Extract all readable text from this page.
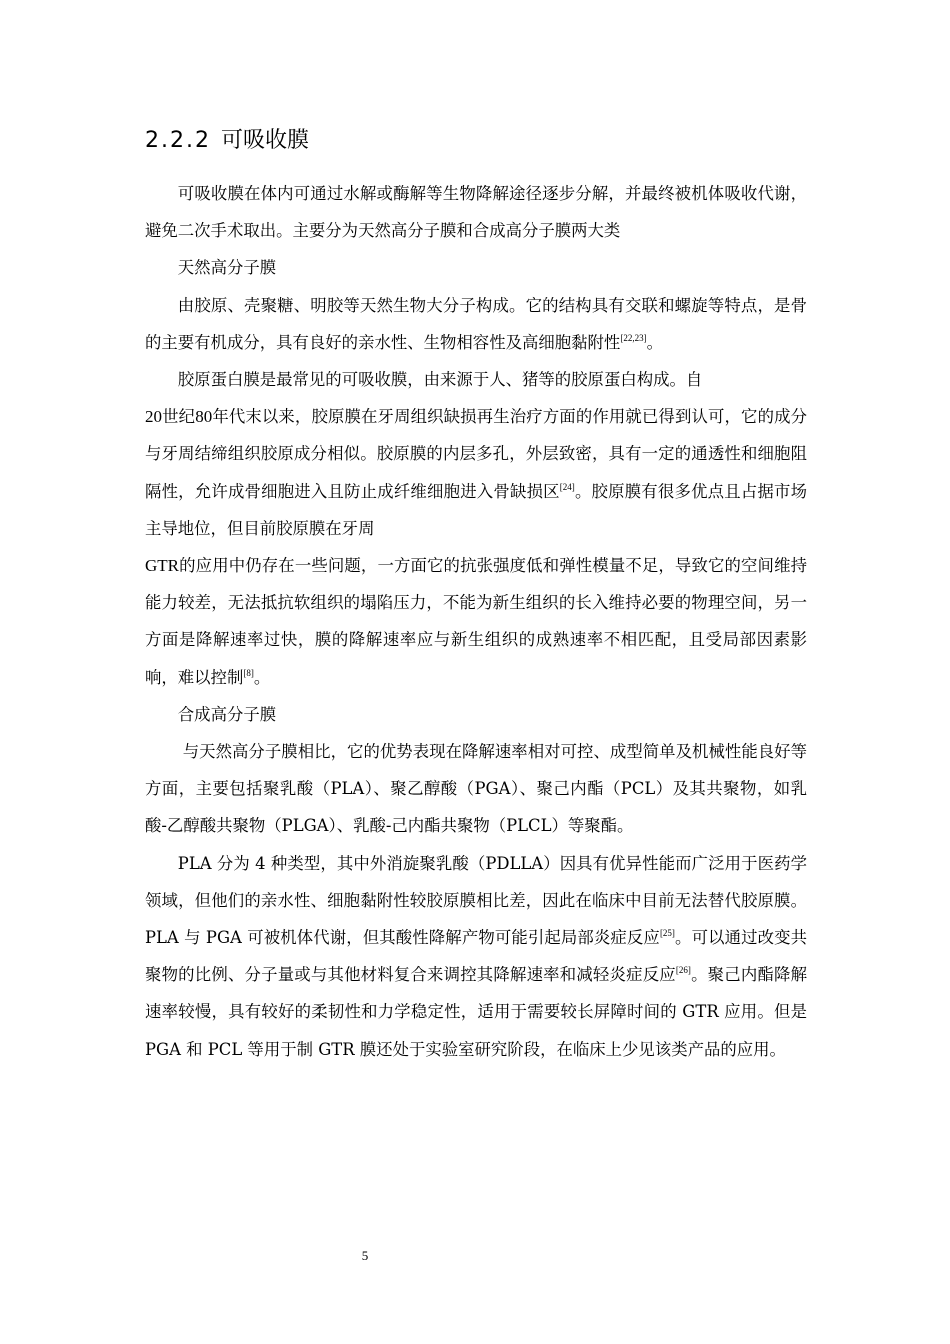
2.2.2 可吸收膜

可吸收膜在体内可通过水解或酶解等生物降解途径逐步分解，并最终被机体吸收代谢，避免二次手术取出。主要分为天然高分子膜和合成高分子膜两大类

天然高分子膜

由胶原、壳聚糖、明胶等天然生物大分子构成。它的结构具有交联和螺旋等特点，是骨的主要有机成分，具有良好的亲水性、生物相容性及高细胞黏附性[22,23]。

胶原蛋白膜是最常见的可吸收膜，由来源于人、猪等的胶原蛋白构成。自
20世纪80年代末以来，胶原膜在牙周组织缺损再生治疗方面的作用就已得到认可，它的成分与牙周结缔组织胶原成分相似。胶原膜的内层多孔，外层致密，具有一定的通透性和细胞阻隔性，允许成骨细胞进入且防止成纤维细胞进入骨缺损区[24]。胶原膜有很多优点且占据市场主导地位，但目前胶原膜在牙周
GTR的应用中仍存在一些问题，一方面它的抗张强度低和弹性模量不足，导致它的空间维持能力较差，无法抵抗软组织的塌陷压力，不能为新生组织的长入维持必要的物理空间，另一方面是降解速率过快，膜的降解速率应与新生组织的成熟速率不相匹配，且受局部因素影响，难以控制[8]。

合成高分子膜

与天然高分子膜相比，它的优势表现在降解速率相对可控、成型简单及机械性能良好等方面，主要包括聚乳酸（PLA）、聚乙醇酸（PGA）、聚己内酯（PCL）及其共聚物，如乳酸-乙醇酸共聚物（PLGA）、乳酸-己内酯共聚物（PLCL）等聚酯。

PLA 分为 4 种类型，其中外消旋聚乳酸（PDLLA）因具有优异性能而广泛用于医药学领域，但他们的亲水性、细胞黏附性较胶原膜相比差，因此在临床中目前无法替代胶原膜。PLA 与 PGA 可被机体代谢，但其酸性降解产物可能引起局部炎症反应[25]。可以通过改变共聚物的比例、分子量或与其他材料复合来调控其降解速率和减轻炎症反应[26]。聚己内酯降解速率较慢，具有较好的柔韧性和力学稳定性，适用于需要较长屏障时间的 GTR 应用。但是 PGA 和 PCL 等用于制 GTR 膜还处于实验室研究阶段，在临床上少见该类产品的应用。

5
